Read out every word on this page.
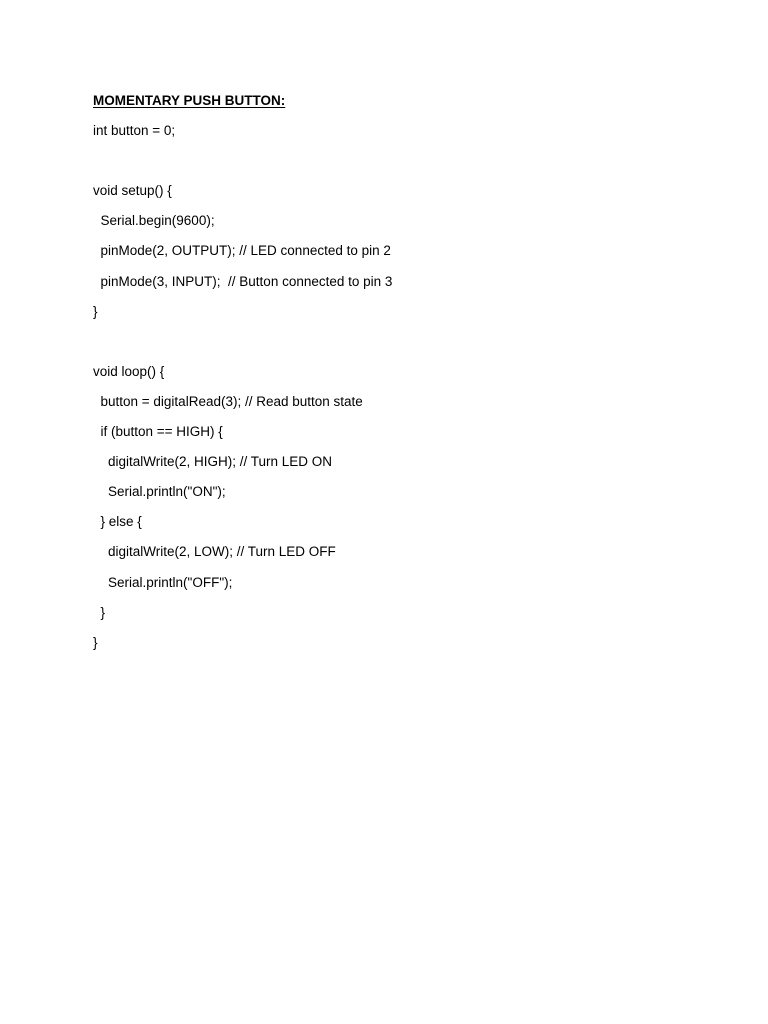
MOMENTARY PUSH BUTTON:
int button = 0;
void setup() {
Serial.begin(9600);
pinMode(2, OUTPUT); // LED connected to pin 2
pinMode(3, INPUT);  // Button connected to pin 3
}
void loop() {
button = digitalRead(3); // Read button state
if (button == HIGH) {
digitalWrite(2, HIGH); // Turn LED ON
Serial.println("ON");
} else {
digitalWrite(2, LOW); // Turn LED OFF
Serial.println("OFF");
}
}
